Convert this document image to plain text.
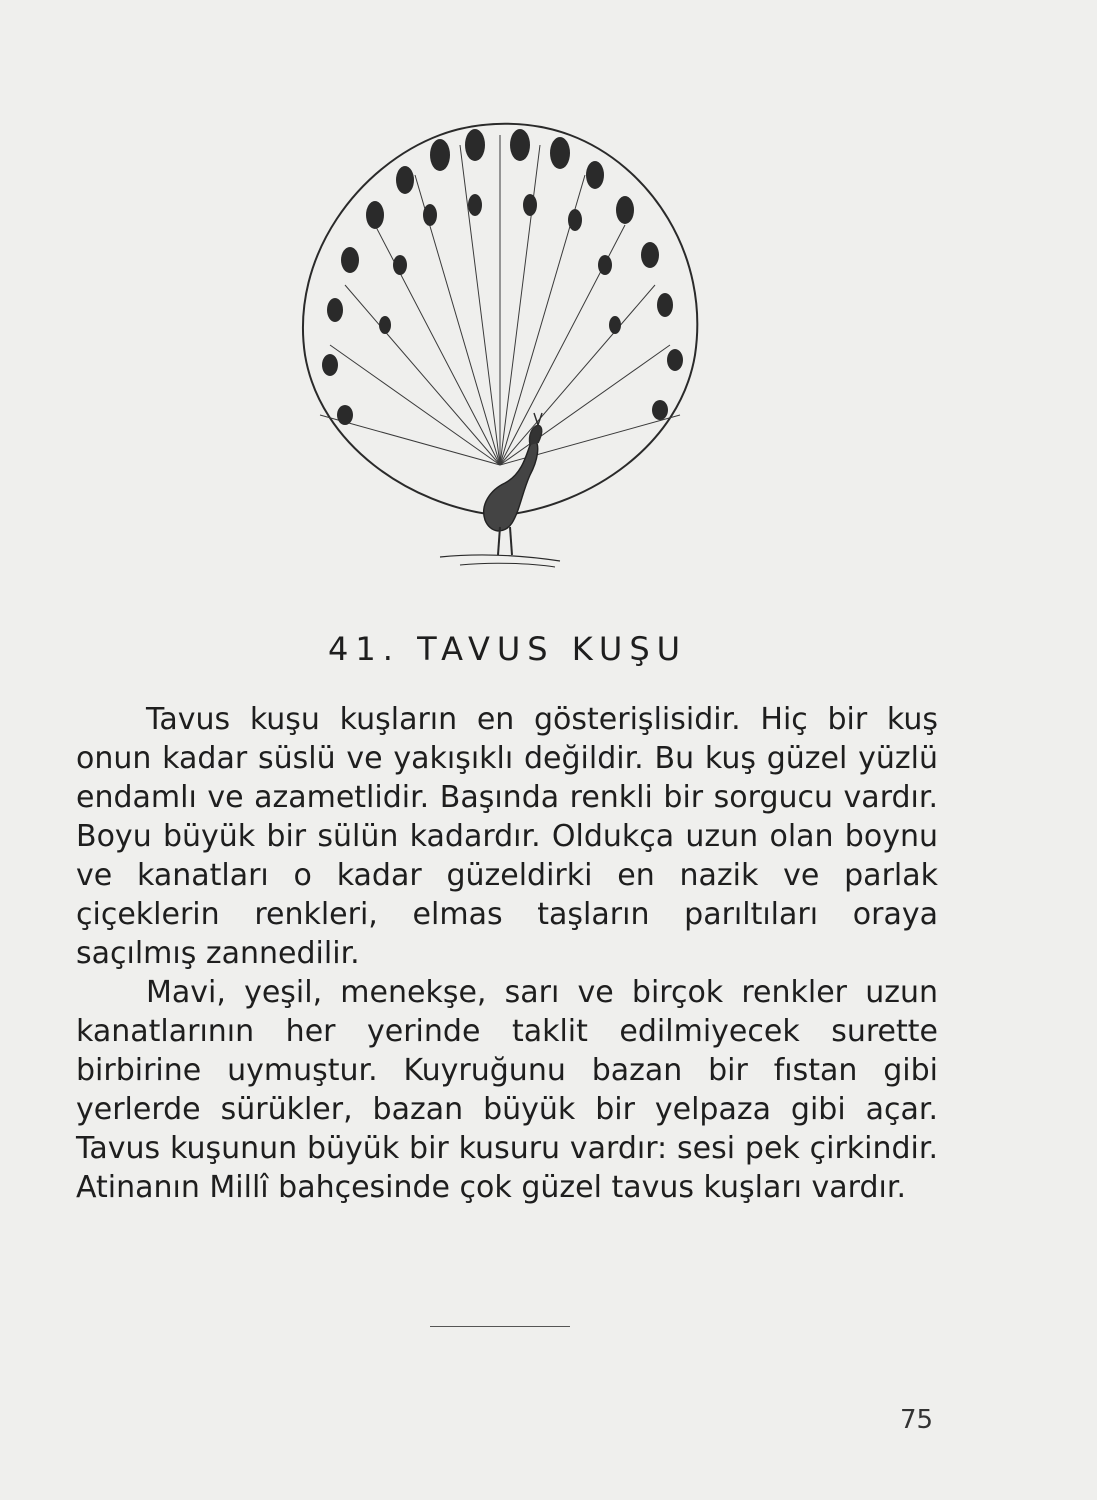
41. TAVUS KUŞU

Tavus kuşu kuşların en gösterişlisidir. Hiç bir kuş onun kadar süslü ve yakışıklı değildir. Bu kuş güzel yüzlü endamlı ve azametlidir. Başında renkli bir sorgucu vardır. Boyu büyük bir sülün kadardır. Oldukça uzun olan boynu ve kanatları o kadar güzeldirki en nazik ve parlak çiçeklerin renkleri, elmas taşların parıltıları oraya saçılmış zannedilir.

Mavi, yeşil, menekşe, sarı ve birçok renkler uzun kanatlarının her yerinde taklit edilmiyecek surette birbirine uymuştur. Kuyruğunu bazan bir fıstan gibi yerlerde sürükler, bazan büyük bir yelpaza gibi açar. Tavus kuşunun büyük bir kusuru vardır: sesi pek çirkindir. Atinanın Millî bahçesinde çok güzel tavus kuşları vardır.

75
